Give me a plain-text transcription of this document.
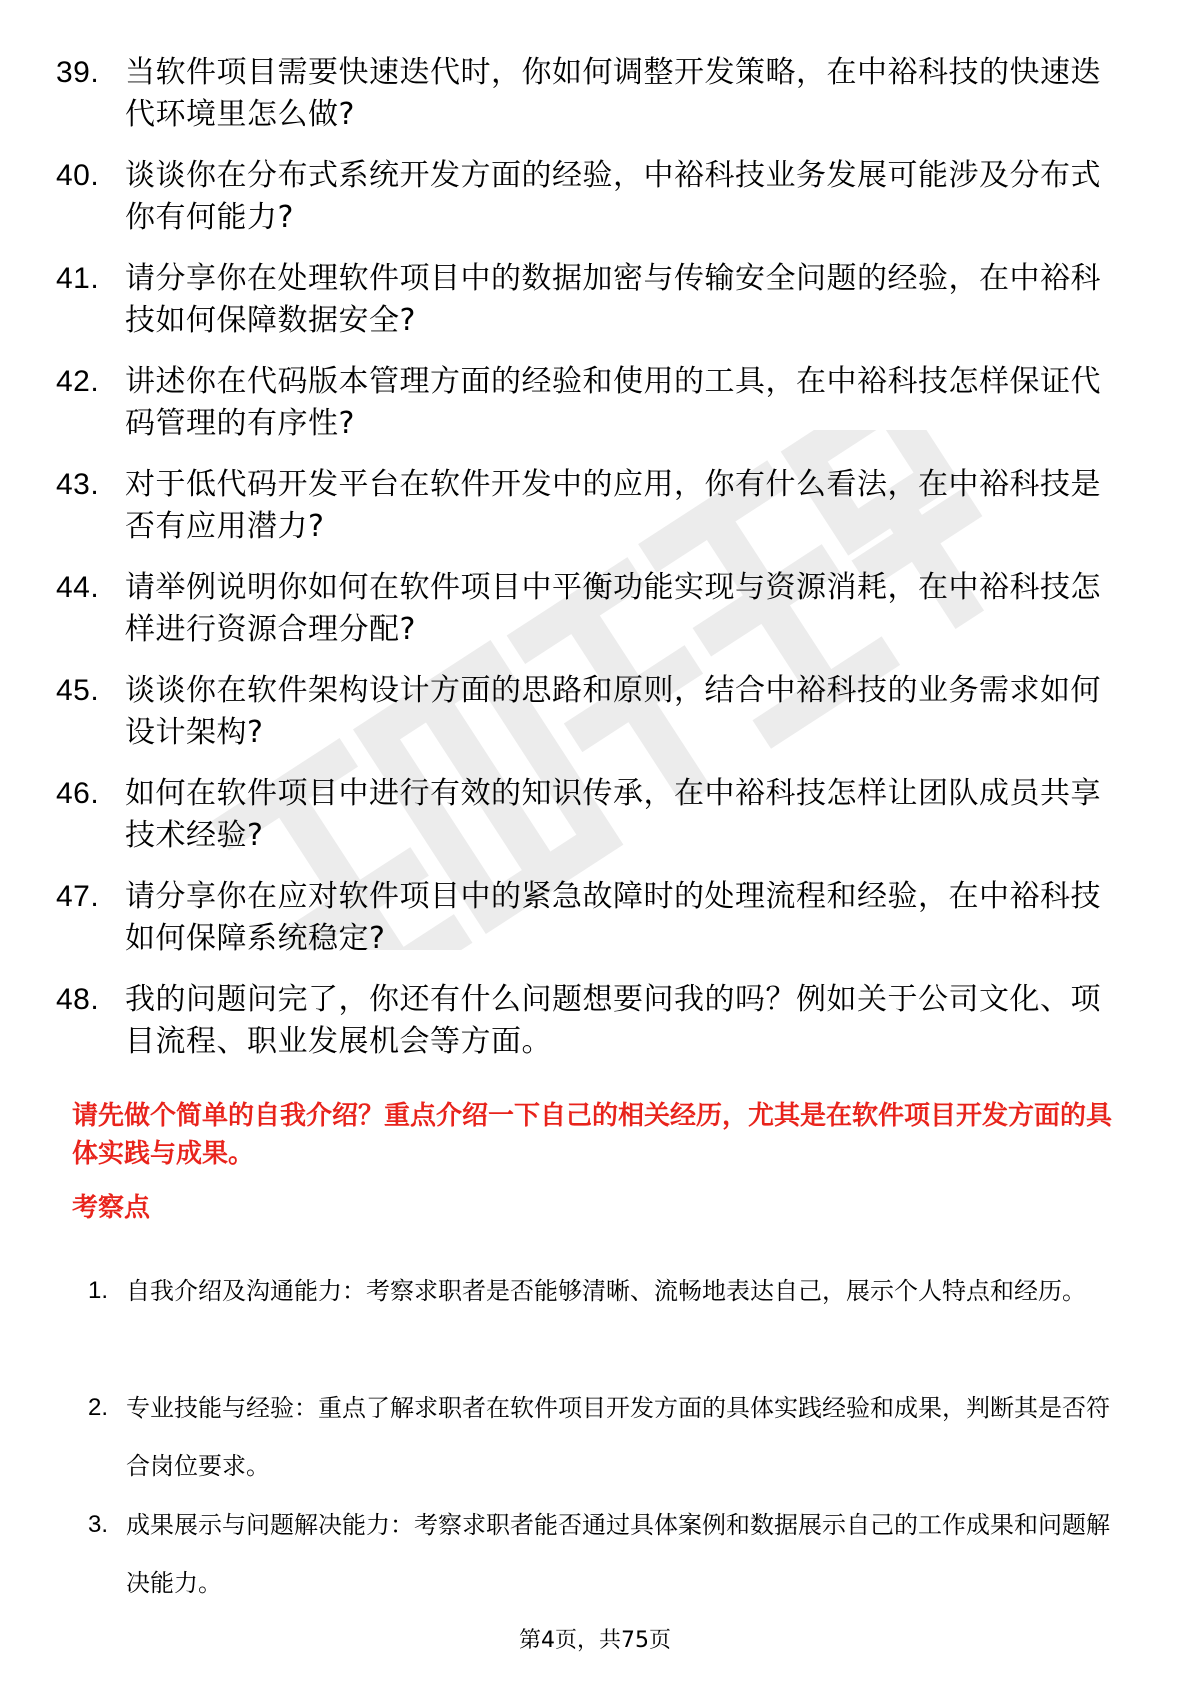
39. 当软件项目需要快速迭代时，你如何调整开发策略，在中裕科技的快速迭代环境里怎么做?
40. 谈谈你在分布式系统开发方面的经验，中裕科技业务发展可能涉及分布式你有何能力?
41. 请分享你在处理软件项目中的数据加密与传输安全问题的经验，在中裕科技如何保障数据安全?
42. 讲述你在代码版本管理方面的经验和使用的工具，在中裕科技怎样保证代码管理的有序性?
43. 对于低代码开发平台在软件开发中的应用，你有什么看法，在中裕科技是否有应用潜力?
44. 请举例说明你如何在软件项目中平衡功能实现与资源消耗，在中裕科技怎样进行资源合理分配?
45. 谈谈你在软件架构设计方面的思路和原则，结合中裕科技的业务需求如何设计架构?
46. 如何在软件项目中进行有效的知识传承，在中裕科技怎样让团队成员共享技术经验?
47. 请分享你在应对软件项目中的紧急故障时的处理流程和经验，在中裕科技如何保障系统稳定?
48. 我的问题问完了，你还有什么问题想要问我的吗？例如关于公司文化、项目流程、职业发展机会等方面。

请先做个简单的自我介绍？重点介绍一下自己的相关经历，尤其是在软件项目开发方面的具体实践与成果。

考察点
1. 自我介绍及沟通能力：考察求职者是否能够清晰、流畅地表达自己，展示个人特点和经历。
2. 专业技能与经验：重点了解求职者在软件项目开发方面的具体实践经验和成果，判断其是否符合岗位要求。
3. 成果展示与问题解决能力：考察求职者能否通过具体案例和数据展示自己的工作成果和问题解决能力。
第4页，共75页
